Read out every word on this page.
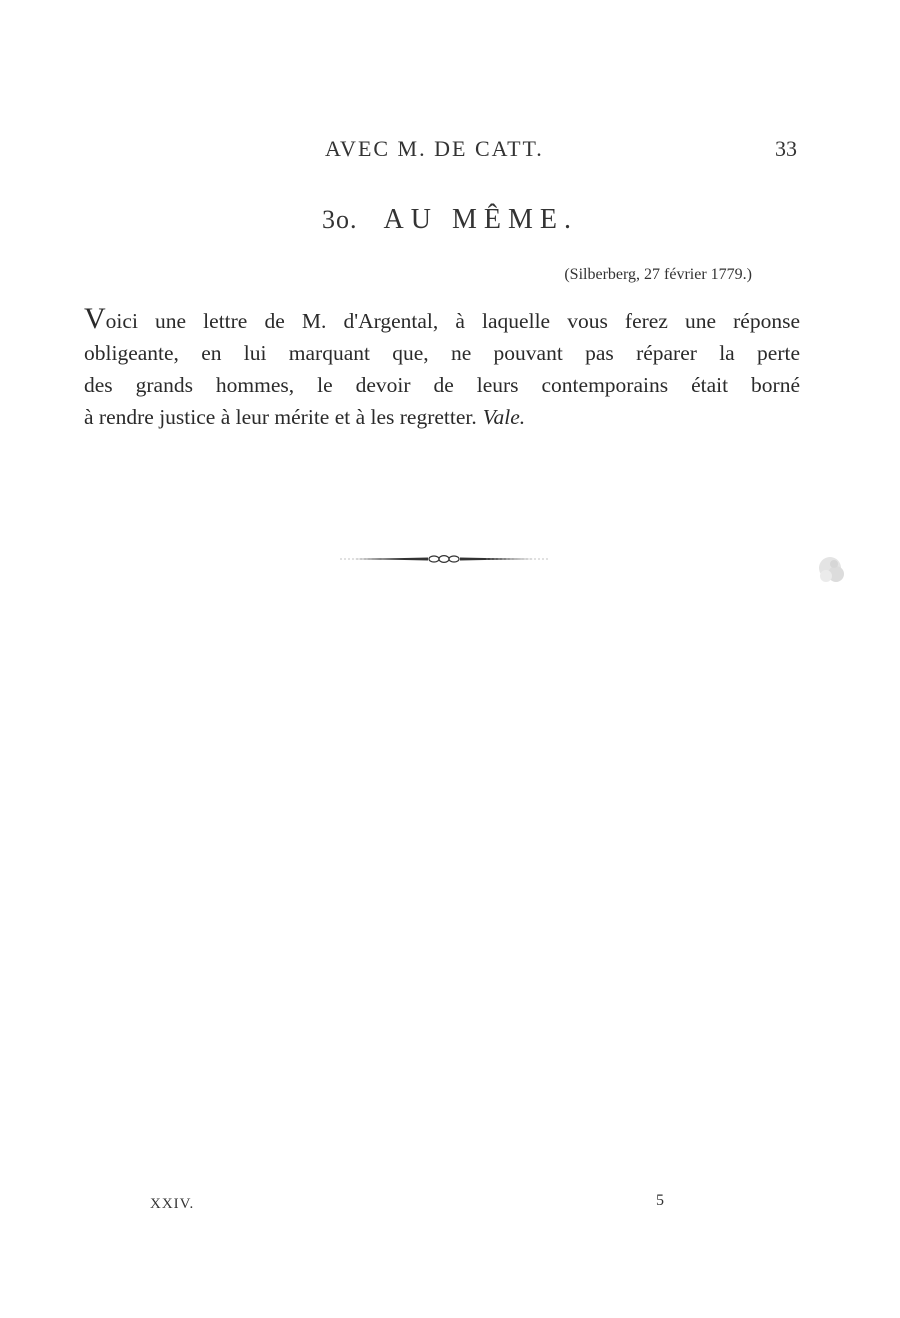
AVEC M. DE CATT.	33
3o. AU MÊME.
(Silberberg, 27 février 1779.)

Voici une lettre de M. d'Argental, à laquelle vous ferez une réponse
obligeante, en lui marquant que, ne pouvant pas réparer la perte
des grands hommes, le devoir de leurs contemporains était borné
à rendre justice à leur mérite et à les regretter. Vale.

XXIV.	5
